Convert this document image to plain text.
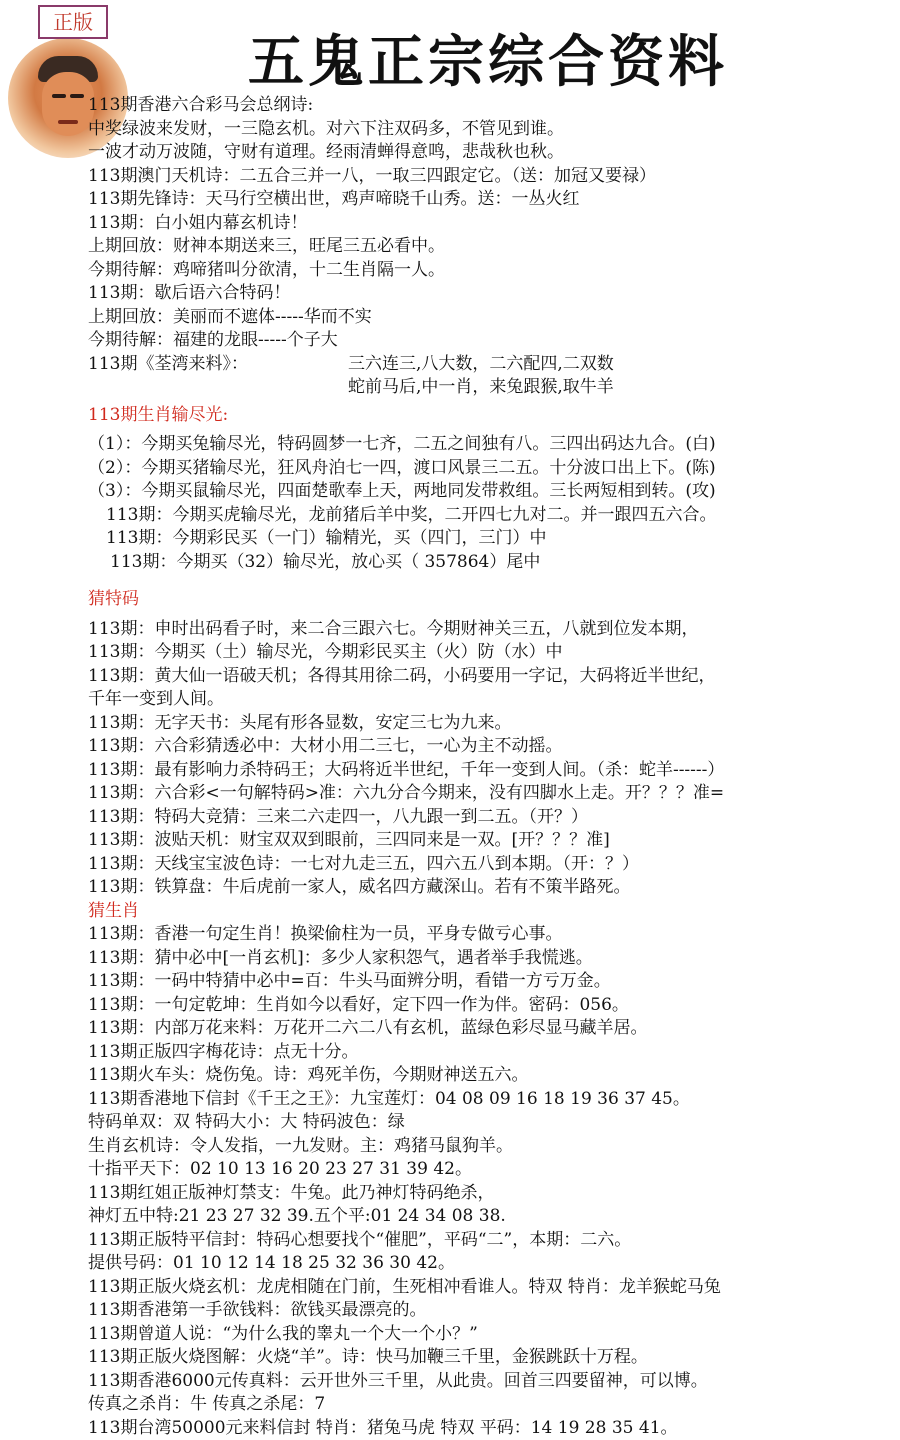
正版
五鬼正宗综合资料
113期香港六合彩马会总纲诗:
中奖绿波来发财，一三隐玄机。对六下注双码多，不管见到谁。
一波才动万波随，守财有道理。经雨清蝉得意鸣，悲哉秋也秋。
113期澳门天机诗：二五合三并一八，一取三四跟定它。（送：加冠又要禄）
113期先锋诗：天马行空横出世，鸡声啼晓千山秀。送：一丛火红
113期：白小姐内幕玄机诗！
上期回放：财神本期送来三，旺尾三五必看中。
今期待解：鸡啼猪叫分欲清，十二生肖隔一人。
113期：歇后语六合特码！
上期回放：美丽而不遮体-----华而不实
今期待解：福建的龙眼-----个子大
113期《荃湾来料》：	三六连三,八大数，二六配四,二双数
蛇前马后,中一肖，来兔跟猴,取牛羊
113期生肖输尽光:
（1）：今期买兔输尽光，特码圆梦一七齐，二五之间独有八。三四出码达九合。(白)
（2）：今期买猪输尽光，狂风舟泊七一四，渡口风景三二五。十分波口出上下。(陈)
（3）：今期买鼠输尽光，四面楚歌奉上天，两地同发带救组。三长两短相到转。(攻)
113期：今期买虎输尽光，龙前猪后羊中奖，二开四七九对二。并一跟四五六合。
113期：今期彩民买（一门）输精光，买（四门，三门）中
113期：今期买（32）输尽光，放心买（ 357864）尾中
猜特码
113期：申时出码看子时，来二合三跟六七。今期财神关三五，八就到位发本期，
113期：今期买（土）输尽光，今期彩民买主（火）防（水）中
113期：黄大仙一语破天机；各得其用徐二码，小码要用一字记，大码将近半世纪，
千年一变到人间。
113期：无字天书：头尾有形各显数，安定三七为九来。
113期：六合彩猜透必中：大材小用二三七，一心为主不动摇。
113期：最有影响力杀特码王；大码将近半世纪，千年一变到人间。（杀：蛇羊------）
113期：六合彩<一句解特码>准：六九分合今期来，没有四脚水上走。开？？？准=
113期：特码大竞猜：三来二六走四一，八九跟一到二五。（开？）
113期：波贴天机：财宝双双到眼前，三四同来是一双。[开？？？准]
113期：天线宝宝波色诗：一七对九走三五，四六五八到本期。（开：？）
113期：铁算盘：牛后虎前一家人，威名四方藏深山。若有不策半路死。
猜生肖
113期：香港一句定生肖！换梁偷柱为一员，平身专做亏心事。
113期：猜中必中[一肖玄机]：多少人家积怨气，遇者举手我慌逃。
113期：一码中特猜中必中=百：牛头马面辨分明，看错一方亏万金。
113期：一句定乾坤：生肖如今以看好，定下四一作为伴。密码：056。
113期：内部万花来料：万花开二六二八有玄机，蓝绿色彩尽显马藏羊居。
113期正版四字梅花诗：点无十分。
113期火车头：烧伤兔。诗：鸡死羊伤，今期财神送五六。
113期香港地下信封《千王之王》：九宝莲灯：04 08 09 16 18 19 36 37 45。
特码单双：双 特码大小：大 特码波色：绿
生肖玄机诗：令人发指，一九发财。主：鸡猪马鼠狗羊。
十指平天下：02 10 13 16 20 23 27 31 39 42。
113期红姐正版神灯禁支：牛兔。此乃神灯特码绝杀，
神灯五中特:21 23 27 32 39.五个平:01 24 34 08 38.
113期正版特平信封：特码心想要找个“催肥”，平码“二”，本期：二六。
提供号码：01 10 12 14 18 25 32 36 30 42。
113期正版火烧玄机：龙虎相随在门前，生死相冲看谁人。特双 特肖：龙羊猴蛇马兔
113期香港第一手欲钱料：欲钱买最漂亮的。
113期曾道人说：“为什么我的睾丸一个大一个小？”
113期正版火烧图解：火烧“羊”。诗：快马加鞭三千里，金猴跳跃十万程。
113期香港6000元传真料：云开世外三千里，从此贵。回首三四要留神，可以博。
传真之杀肖：牛 传真之杀尾：7
113期台湾50000元来料信封 特肖：猪兔马虎 特双 平码：14 19 28 35 41。
